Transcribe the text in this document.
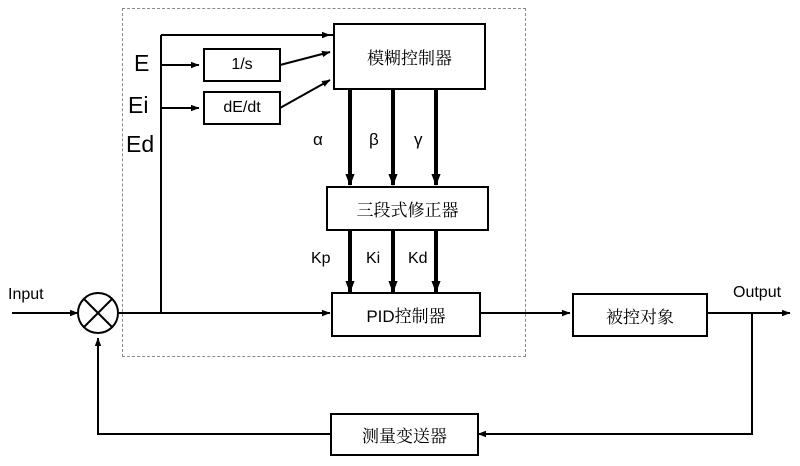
1/s
dE/dt
模糊控制器
三段式修正器
PID控制器	被控对象
测量变送器
E
Ei
Ed	α	β γ
Kp Ki Kd
Input	Output
